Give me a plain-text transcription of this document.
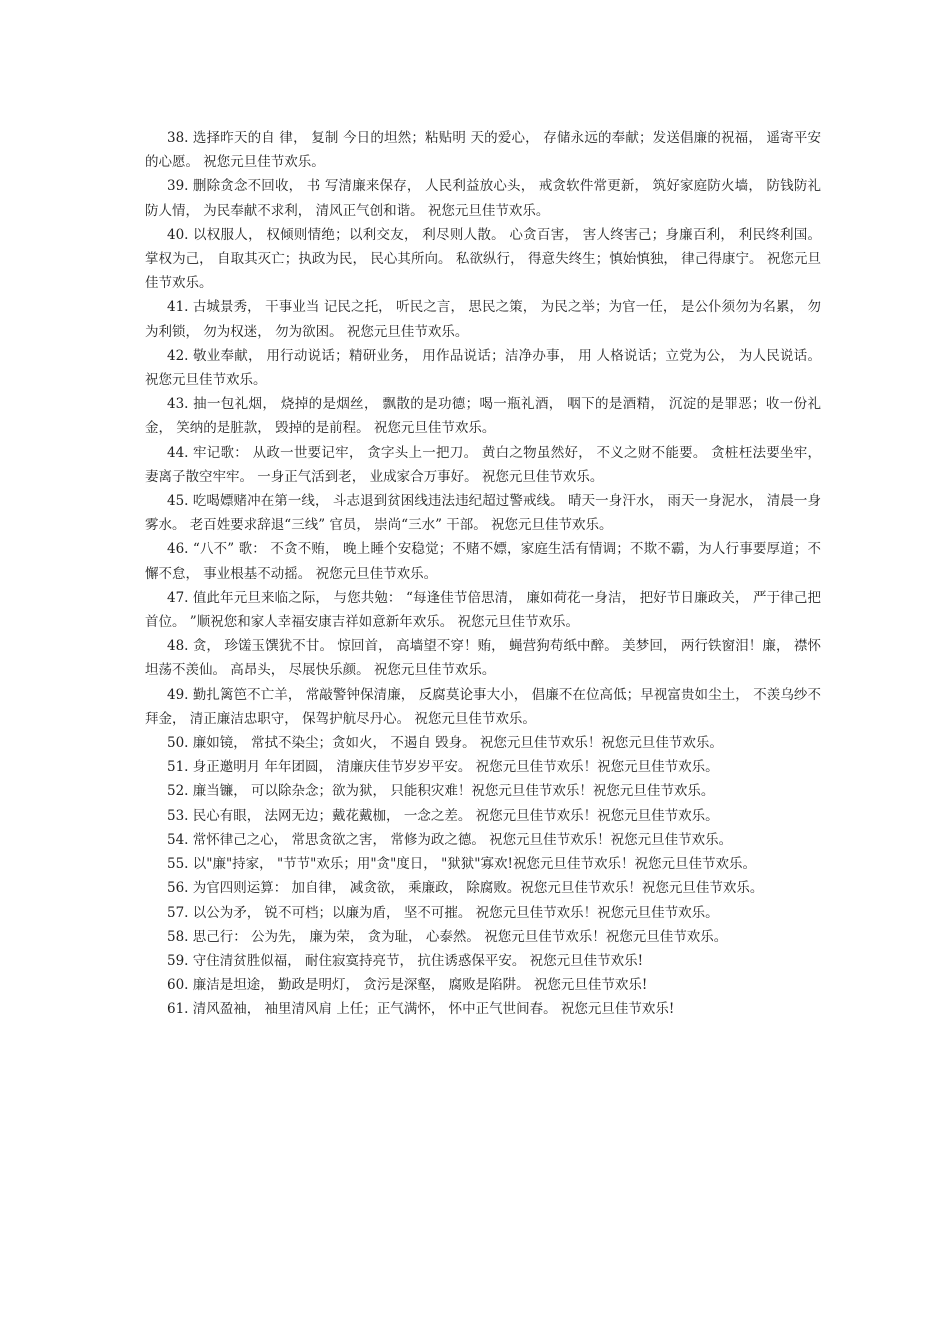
38. 选择昨天的自 律， 复制 今日的坦然；粘贴明 天的爱心， 存储永远的奉献；发送倡廉的祝福， 遥寄平安的心愿。 祝您元旦佳节欢乐。

39. 删除贪念不回收， 书 写清廉来保存， 人民利益放心头， 戒贪软件常更新， 筑好家庭防火墙， 防钱防礼防人情， 为民奉献不求利， 清风正气创和谐。 祝您元旦佳节欢乐。

40. 以权服人， 权倾则情绝；以利交友， 利尽则人散。 心贪百害， 害人终害己；身廉百利， 利民终利国。 掌权为己， 自取其灭亡；执政为民， 民心其所向。 私欲纵行， 得意失终生；慎始慎独， 律己得康宁。 祝您元旦佳节欢乐。

41. 古城景秀， 干事业当 记民之托， 听民之言， 思民之策， 为民之举；为官一任， 是公仆须勿为名累， 勿为利锁， 勿为权迷， 勿为欲困。 祝您元旦佳节欢乐。

42. 敬业奉献， 用行动说话；精研业务， 用作品说话；洁净办事， 用 人格说话；立党为公， 为人民说话。 祝您元旦佳节欢乐。

43. 抽一包礼烟， 烧掉的是烟丝， 飘散的是功德；喝一瓶礼酒， 咽下的是酒精， 沉淀的是罪恶；收一份礼金， 笑纳的是脏款， 毁掉的是前程。 祝您元旦佳节欢乐。

44. 牢记歌： 从政一世要记牢， 贪字头上一把刀。 黄白之物虽然好， 不义之财不能要。 贪桩枉法要坐牢， 妻离子散空牢牢。 一身正气活到老， 业成家合万事好。 祝您元旦佳节欢乐。

45. 吃喝嫖赌冲在第一线， 斗志退到贫困线违法违纪超过警戒线。 晴天一身汗水， 雨天一身泥水， 清晨一身雾水。 老百姓要求辞退“三线” 官员， 崇尚“三水” 干部。 祝您元旦佳节欢乐。

46. “八不” 歌： 不贪不贿， 晚上睡个安稳觉；不赌不嫖，家庭生活有情调；不欺不霸，为人行事要厚道；不懈不怠， 事业根基不动摇。 祝您元旦佳节欢乐。

47. 值此年元旦来临之际， 与您共勉： “每逢佳节倍思清， 廉如荷花一身洁， 把好节日廉政关， 严于律己把首位。 ”顺祝您和家人幸福安康吉祥如意新年欢乐。 祝您元旦佳节欢乐。

48. 贪， 珍馐玉馔犹不甘。 惊回首， 高墙望不穿！贿， 蝇营狗苟纸中醉。 美梦回， 两行铁窗泪！廉， 襟怀坦荡不羡仙。 高昂头， 尽展快乐颜。 祝您元旦佳节欢乐。

49. 勤扎篱笆不亡羊， 常敲警钟保清廉， 反腐莫论事大小， 倡廉不在位高低；早视富贵如尘土， 不羡乌纱不拜金， 清正廉洁忠职守， 保驾护航尽丹心。 祝您元旦佳节欢乐。

50. 廉如镜， 常拭不染尘；贪如火， 不遏自 毁身。 祝您元旦佳节欢乐！祝您元旦佳节欢乐。

51. 身正邀明月 年年团圆， 清廉庆佳节岁岁平安。 祝您元旦佳节欢乐！祝您元旦佳节欢乐。

52. 廉当镰， 可以除杂念；欲为狱， 只能积灾难！祝您元旦佳节欢乐！祝您元旦佳节欢乐。

53. 民心有眼， 法网无边；戴花戴枷， 一念之差。 祝您元旦佳节欢乐！祝您元旦佳节欢乐。

54. 常怀律己之心， 常思贪欲之害， 常修为政之德。 祝您元旦佳节欢乐！祝您元旦佳节欢乐。

55. 以"廉"持家， "节节"欢乐；用"贪"度日， "狱狱"寡欢!祝您元旦佳节欢乐！祝您元旦佳节欢乐。

56. 为官四则运算： 加自律， 减贪欲， 乘廉政， 除腐败。祝您元旦佳节欢乐！祝您元旦佳节欢乐。

57. 以公为矛， 锐不可档；以廉为盾， 坚不可摧。 祝您元旦佳节欢乐！祝您元旦佳节欢乐。

58. 思己行： 公为先， 廉为荣， 贪为耻， 心泰然。 祝您元旦佳节欢乐！祝您元旦佳节欢乐。

59. 守住清贫胜似福， 耐住寂寞持亮节， 抗住诱惑保平安。 祝您元旦佳节欢乐!

60. 廉洁是坦途， 勤政是明灯， 贪污是深壑， 腐败是陷阱。 祝您元旦佳节欢乐!

61. 清风盈袖， 袖里清风肩 上任；正气满怀， 怀中正气世间春。 祝您元旦佳节欢乐!
